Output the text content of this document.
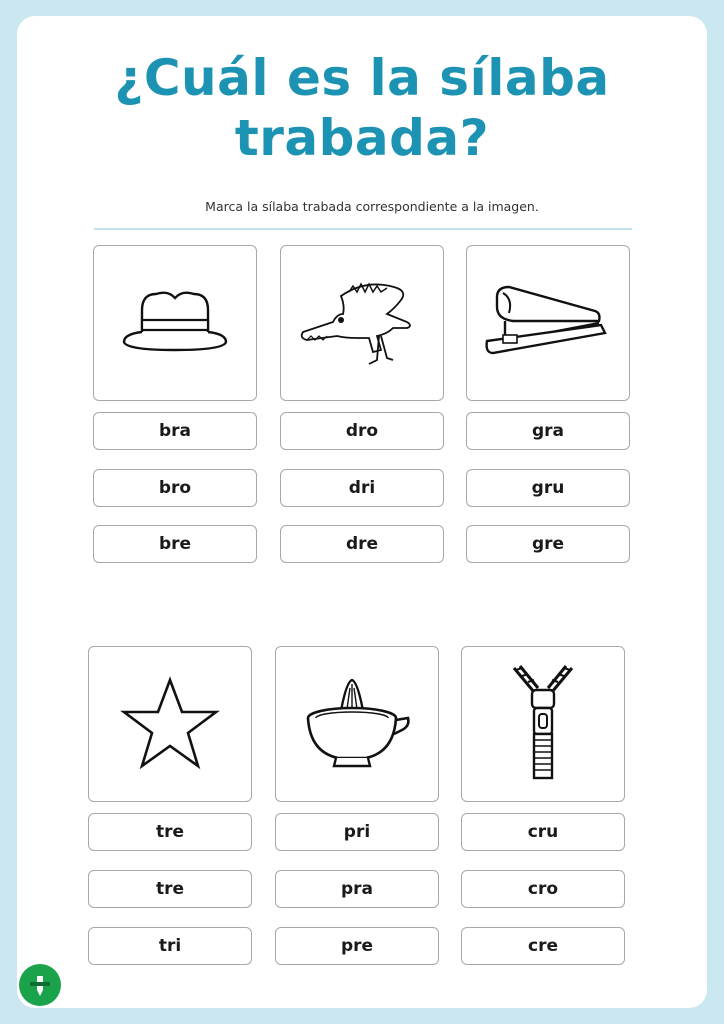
¿Cuál es la sílaba
trabada?
Marca la sílaba trabada correspondiente a la imagen.
bra
bro
bre
dro
dri
dre
gra
gru
gre
tre
tre
tri
pri
pra
pre
cru
cro
cre
